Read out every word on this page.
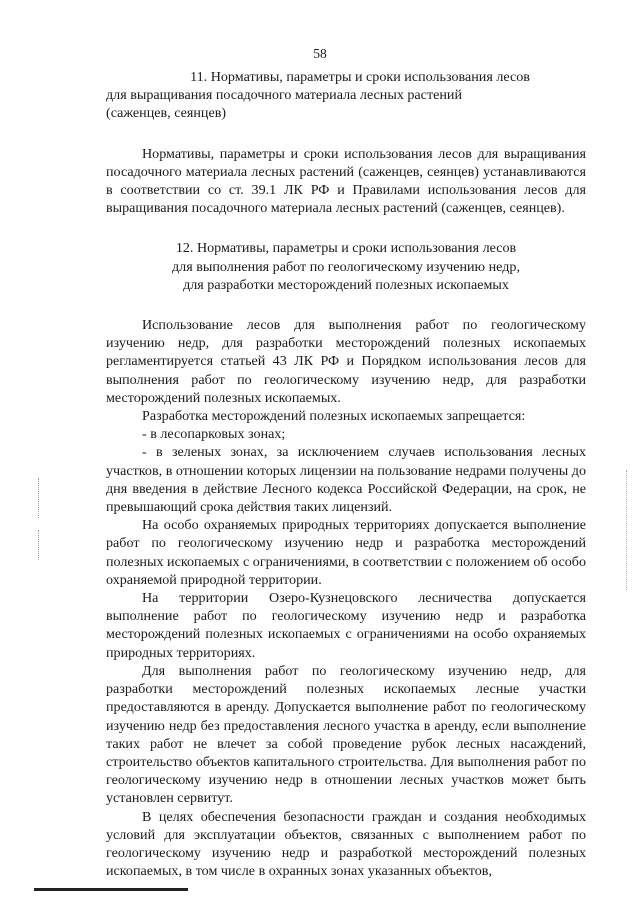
58
11. Нормативы, параметры и сроки использования лесов
для выращивания посадочного материала лесных растений
(саженцев, сеянцев)

Нормативы, параметры и сроки использования лесов для выращивания посадочного материала лесных растений (саженцев, сеянцев) устанавливаются в соответствии со ст. 39.1 ЛК РФ и Правилами использования лесов для выращивания посадочного материала лесных растений (саженцев, сеянцев).

12. Нормативы, параметры и сроки использования лесов
для выполнения работ по геологическому изучению недр,
для разработки месторождений полезных ископаемых

Использование лесов для выполнения работ по геологическому изучению недр, для разработки месторождений полезных ископаемых регламентируется статьей 43 ЛК РФ и Порядком использования лесов для выполнения работ по геологическому изучению недр, для разработки месторождений полезных ископаемых.

Разработка месторождений полезных ископаемых запрещается:

- в лесопарковых зонах;

- в зеленых зонах, за исключением случаев использования лесных участков, в отношении которых лицензии на пользование недрами получены до дня введения в действие Лесного кодекса Российской Федерации, на срок, не превышающий срока действия таких лицензий.

На особо охраняемых природных территориях допускается выполнение работ по геологическому изучению недр и разработка месторождений полезных ископаемых с ограничениями, в соответствии с положением об особо охраняемой природной территории.

На территории Озеро-Кузнецовского лесничества допускается выполнение работ по геологическому изучению недр и разработка месторождений полезных ископаемых с ограничениями на особо охраняемых природных территориях.

Для выполнения работ по геологическому изучению недр, для разработки месторождений полезных ископаемых лесные участки предоставляются в аренду. Допускается выполнение работ по геологическому изучению недр без предоставления лесного участка в аренду, если выполнение таких работ не влечет за собой проведение рубок лесных насаждений, строительство объектов капитального строительства. Для выполнения работ по геологическому изучению недр в отношении лесных участков может быть установлен сервитут.

В целях обеспечения безопасности граждан и создания необходимых условий для эксплуатации объектов, связанных с выполнением работ по геологическому изучению недр и разработкой месторождений полезных ископаемых, в том числе в охранных зонах указанных объектов,
